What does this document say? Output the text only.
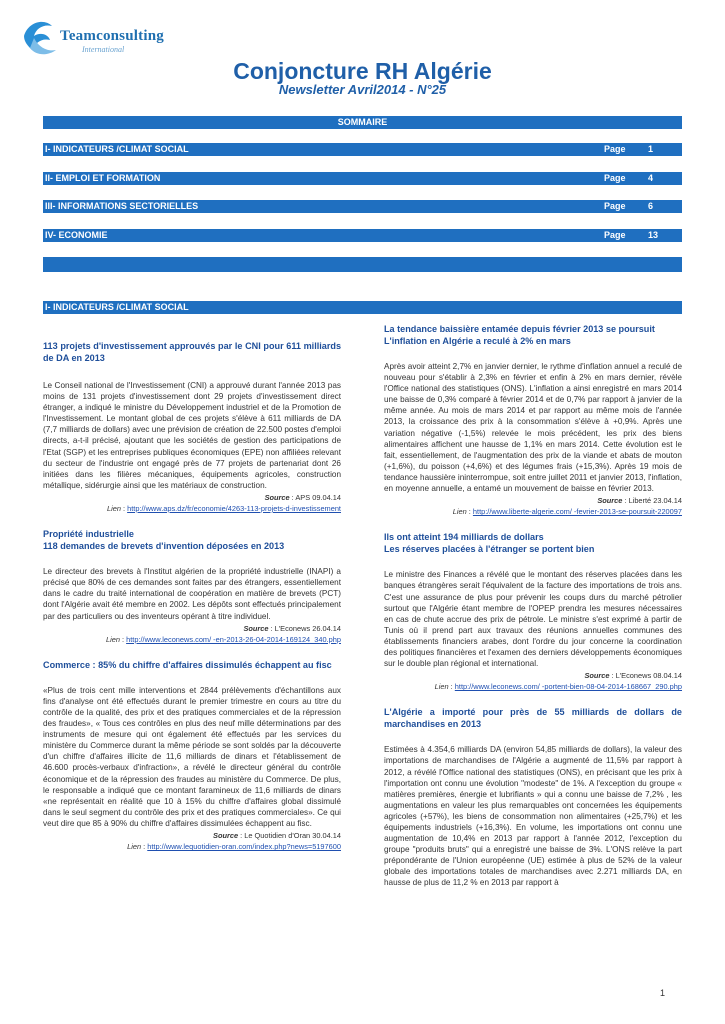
Teamconsulting
International
Conjoncture RH Algérie
Newsletter Avril2014 - N°25
SOMMAIRE
I- INDICATEURS /CLIMAT SOCIAL	Page 1
II- EMPLOI ET FORMATION	Page 4
III- INFORMATIONS SECTORIELLES	Page 6
IV- ECONOMIE	Page 13
I- INDICATEURS /CLIMAT SOCIAL

113 projets d'investissement approuvés par le CNI pour 611 milliards de DA en 2013

Le Conseil national de l'Investissement (CNI) a approuvé durant l'année 2013 pas moins de 131 projets d'investissement dont 29 projets d'investissement direct étranger, a indiqué le ministre du Développement industriel et de la Promotion de l'Investissement. Le montant global de ces projets s'élève à 611 milliards de DA (7,7 milliards de dollars) avec une prévision de création de 22.500 postes d'emploi directs, a-t-il précisé, ajoutant que les sociétés de gestion des participations de l'Etat (SGP) et les entreprises publiques économiques (EPE) non affiliées relevant du secteur de l'industrie ont engagé près de 77 projets de partenariat dont 26 initiées dans les filières mécaniques, équipements agricoles, construction métallique, sidérurgie ainsi que les matériaux de construction.

Source : APS 09.04.14

Lien : http://www.aps.dz/fr/economie/4263-113-projets-d-investissement

Propriété industrielle
118 demandes de brevets d'invention déposées en 2013

Le directeur des brevets à l'Institut algérien de la propriété industrielle (INAPI) a précisé que 80% de ces demandes sont faites par des étrangers, essentiellement dans le cadre du traité international de coopération en matière de brevets (PCT) dont l'Algérie avait été membre en 2002. Les dépôts sont effectués principalement par des particuliers ou des inventeurs opérant à titre individuel.

Source : L'Econews 26.04.14

Lien : http://www.leconews.com/ -en-2013-26-04-2014-169124_340.php

Commerce : 85% du chiffre d'affaires dissimulés échappent au fisc

«Plus de trois cent mille interventions et 2844 prélèvements d'échantillons aux fins d'analyse ont été effectués durant le premier trimestre en cours au titre du contrôle de la qualité, des prix et des pratiques commerciales et de la répression des fraudes», « Tous ces contrôles en plus des neuf mille déterminations par des instruments de mesure qui ont également été effectués par les services du ministère du Commerce durant la même période se sont soldés par la découverte d'un chiffre d'affaires illicite de 11,6 milliards de dinars et l'établissement de 46.600 procès-verbaux d'infraction», a révélé le directeur général du contrôle économique et de la répression des fraudes au ministère du Commerce. De plus, le responsable a indiqué que ce montant faramineux de 11,6 milliards de dinars «ne représentait en réalité que 10 à 15% du chiffre d'affaires global dissimulé dans le seul segment du contrôle des prix et des pratiques commerciales». Ce qui veut dire que 85 à 90% du chiffre d'affaires dissimulées échappent au fisc.

Source : Le Quotidien d'Oran 30.04.14

Lien : http://www.lequotidien-oran.com/index.php?news=5197600

La tendance baissière entamée depuis février 2013 se poursuit
L'inflation en Algérie a reculé à 2% en mars

Après avoir atteint 2,7% en janvier dernier, le rythme d'inflation annuel a reculé de nouveau pour s'établir à 2,3% en février et enfin à 2% en mars dernier, révèle l'Office national des statistiques (ONS). L'inflation a ainsi enregistré en mars 2014 une baisse de 0,3% comparé à février 2014 et de 0,7% par rapport à janvier de la même année. Au mois de mars 2014 et par rapport au même mois de l'année 2013, la croissance des prix à la consommation s'élève à +0,9%. Après une variation négative (-1,5%) relevée le mois précédent, les prix des biens alimentaires affichent une hausse de 1,1% en mars 2014. Cette évolution est le fait, essentiellement, de l'augmentation des prix de la viande et abats de mouton (+1,6%), du poisson (+4,6%) et des légumes frais (+15,3%). Après 19 mois de tendance haussière ininterrompue, soit entre juillet 2011 et janvier 2013, l'inflation, en moyenne annuelle, a entamé un mouvement de baisse en février 2013.

Source : Liberté 23.04.14

Lien : http://www.liberte-algerie.com/ -fevrier-2013-se-poursuit-220097

Ils ont atteint 194 milliards de dollars
Les réserves placées à l'étranger se portent bien

Le ministre des Finances a révélé que le montant des réserves placées dans les banques étrangères serait l'équivalent de la facture des importations de trois ans. C'est une assurance de plus pour prévenir les coups durs du marché pétrolier surtout que l'Algérie étant membre de l'OPEP prendra les mesures nécessaires en cas de chute accrue des prix de pétrole. Le ministre s'est exprimé à partir de Tunis où il prend part aux travaux des réunions annuelles communes des établissements financiers arabes, dont l'ordre du jour concerne la coordination des politiques financières et l'examen des derniers développements économiques sur le double plan régional et international.

Source : L'Econews 08.04.14

Lien : http://www.leconews.com/ -portent-bien-08-04-2014-168667_290.php

L'Algérie a importé pour près de 55 milliards de dollars de marchandises en 2013

Estimées à 4.354,6 milliards DA (environ 54,85 milliards de dollars), la valeur des importations de marchandises de l'Algérie a augmenté de 11,5% par rapport à 2012, a révélé l'Office national des statistiques (ONS), en précisant que les prix à l'importation ont connu une évolution "modeste" de 1%. A l'exception du groupe « matières premières, énergie et lubrifiants » qui a connu une baisse de 7,2% , les augmentations en valeur les plus remarquables ont concernées les équipements agricoles (+57%), les biens de consommation non alimentaires (+25,7%) et les équipements industriels (+16,3%). En volume, les importations ont connu une augmentation de 10,4% en 2013 par rapport à l'année 2012, l'exception du groupe "produits bruts" qui a enregistré une baisse de 3%. L'ONS relève la part prépondérante de l'Union européenne (UE) estimée à plus de 52% de la valeur globale des importations totales de marchandises avec 2.271 milliards DA, en hausse de plus de 11,2 % en 2013 par rapport à

1
